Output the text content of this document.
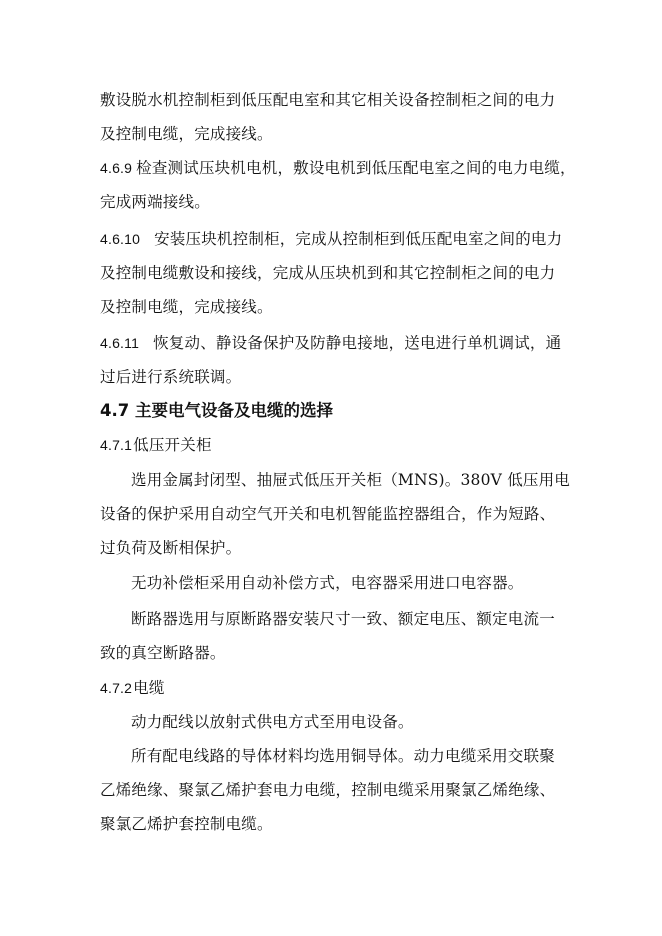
敷设脱水机控制柜到低压配电室和其它相关设备控制柜之间的电力
及控制电缆，完成接线。
4.6.9 检查测试压块机电机，敷设电机到低压配电室之间的电力电缆，
完成两端接线。
4.6.10 安装压块机控制柜，完成从控制柜到低压配电室之间的电力
及控制电缆敷设和接线，完成从压块机到和其它控制柜之间的电力
及控制电缆，完成接线。
4.6.11 恢复动、静设备保护及防静电接地，送电进行单机调试，通
过后进行系统联调。
4.7 主要电气设备及电缆的选择
4.7.1低压开关柜
选用金属封闭型、抽屉式低压开关柜（MNS)。380V 低压用电
设备的保护采用自动空气开关和电机智能监控器组合，作为短路、
过负荷及断相保护。
无功补偿柜采用自动补偿方式，电容器采用进口电容器。
断路器选用与原断路器安装尺寸一致、额定电压、额定电流一
致的真空断路器。
4.7.2电缆
动力配线以放射式供电方式至用电设备。
所有配电线路的导体材料均选用铜导体。动力电缆采用交联聚
乙烯绝缘、聚氯乙烯护套电力电缆，控制电缆采用聚氯乙烯绝缘、
聚氯乙烯护套控制电缆。
